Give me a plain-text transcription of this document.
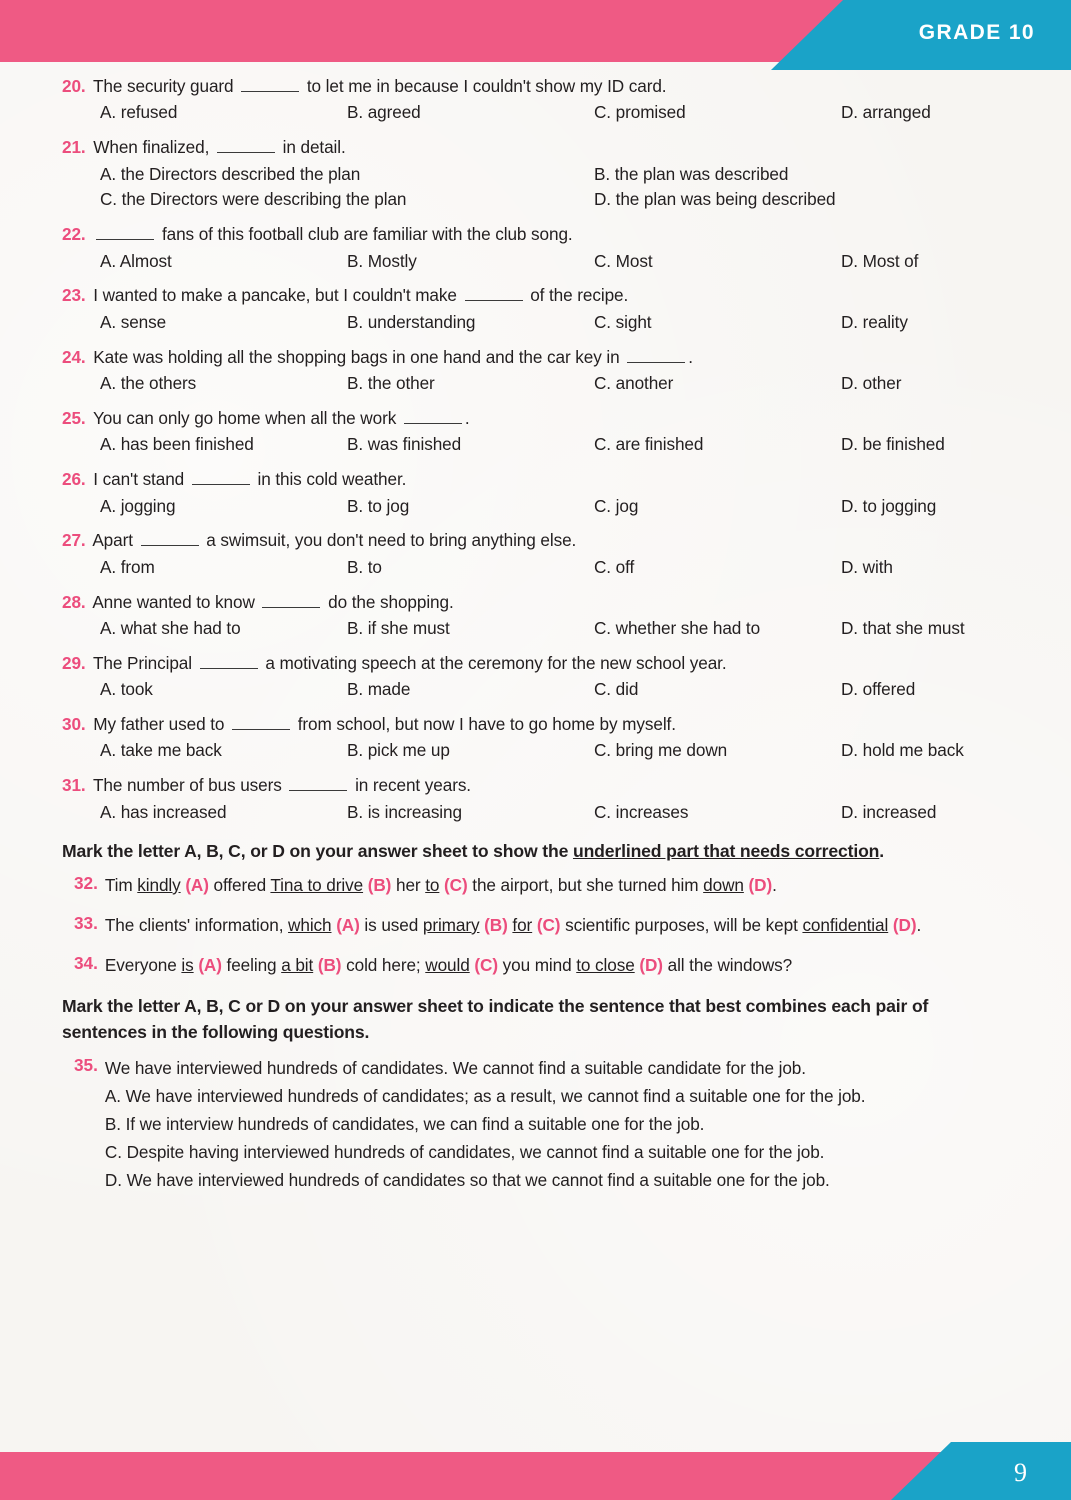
GRADE 10
20. The security guard	to let me in because I couldn't show my ID card.
A. refused	B. agreed	C. promised	D. arranged
21. When finalized,	in detail.
A. the Directors described the plan	B. the plan was described
C. the Directors were describing the plan	D. the plan was being described
22.	fans of this football club are familiar with the club song.
A. Almost	B. Mostly	C. Most	D. Most of
23. I wanted to make a pancake, but I couldn't make	of the recipe.
A. sense	B. understanding	C. sight	D. reality
24. Kate was holding all the shopping bags in one hand and the car key in	.
A. the others	B. the other	C. another	D. other
25. You can only go home when all the work	.
A. has been finished	B. was finished	C. are finished	D. be finished
26. I can't stand	in this cold weather.
A. jogging	B. to jog	C. jog	D. to jogging
27. Apart	a swimsuit, you don't need to bring anything else.
A. from	B. to	C. off	D. with
28. Anne wanted to know	do the shopping.
A. what she had to	B. if she must	C. whether she had to	D. that she must
29. The Principal	a motivating speech at the ceremony for the new school year.
A. took	B. made	C. did	D. offered
30. My father used to	from school, but now I have to go home by myself.
A. take me back	B. pick me up	C. bring me down	D. hold me back
31. The number of bus users	in recent years.
A. has increased	B. is increasing	C. increases	D. increased
Mark the letter A, B, C, or D on your answer sheet to show the underlined part that needs correction.
32. Tim kindly (A) offered Tina to drive (B) her to (C) the airport, but she turned him down (D).
33. The clients' information, which (A) is used primary (B) for (C) scientific purposes, will be kept confidential (D).
34. Everyone is (A) feeling a bit (B) cold here; would (C) you mind to close (D) all the windows?
Mark the letter A, B, C or D on your answer sheet to indicate the sentence that best combines each pair of sentences in the following questions.
35. We have interviewed hundreds of candidates. We cannot find a suitable candidate for the job.
A. We have interviewed hundreds of candidates; as a result, we cannot find a suitable one for the job.
B. If we interview hundreds of candidates, we can find a suitable one for the job.
C. Despite having interviewed hundreds of candidates, we cannot find a suitable one for the job.
D. We have interviewed hundreds of candidates so that we cannot find a suitable one for the job.
9
